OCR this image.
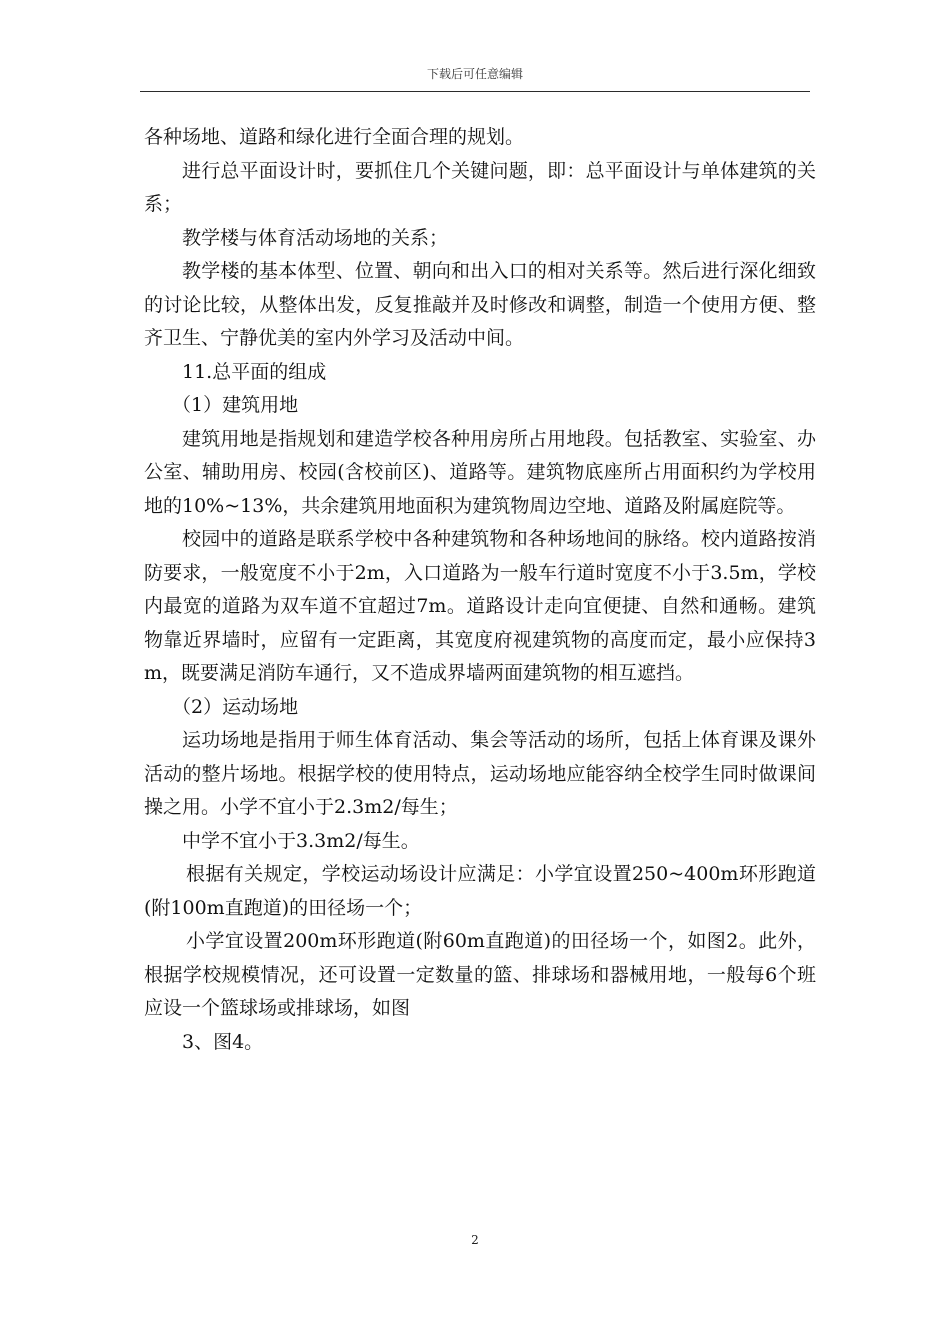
下载后可任意编辑

各种场地、道路和绿化进行全面合理的规划。

进行总平面设计时，要抓住几个关键问题，即：总平面设计与单体建筑的关系；

教学楼与体育活动场地的关系；

教学楼的基本体型、位置、朝向和出入口的相对关系等。然后进行深化细致的讨论比较，从整体出发，反复推敲并及时修改和调整，制造一个使用方便、整齐卫生、宁静优美的室内外学习及活动中间。

11.总平面的组成

（1）建筑用地

建筑用地是指规划和建造学校各种用房所占用地段。包括教室、实验室、办公室、辅助用房、校园(含校前区)、道路等。建筑物底座所占用面积约为学校用地的10%~13%，共余建筑用地面积为建筑物周边空地、道路及附属庭院等。

校园中的道路是联系学校中各种建筑物和各种场地间的脉络。校内道路按消防要求，一般宽度不小于2m，入口道路为一般车行道时宽度不小于3.5m，学校内最宽的道路为双车道不宜超过7m。道路设计走向宜便捷、自然和通畅。建筑物靠近界墙时，应留有一定距离，其宽度府视建筑物的高度而定，最小应保持3m，既要满足消防车通行，又不造成界墙两面建筑物的相互遮挡。

（2）运动场地

运功场地是指用于师生体育活动、集会等活动的场所，包括上体育课及课外活动的整片场地。根据学校的使用特点，运动场地应能容纳全校学生同时做课间操之用。小学不宜小于2.3m2/每生；

中学不宜小于3.3m2/每生。

根据有关规定，学校运动场设计应满足：小学宜设置250~400m环形跑道(附100m直跑道)的田径场一个；

小学宜设置200m环形跑道(附60m直跑道)的田径场一个，如图2。此外，根据学校规模情况，还可设置一定数量的篮、排球场和器械用地，一般每6个班应设一个篮球场或排球场，如图

3、图4。

2
